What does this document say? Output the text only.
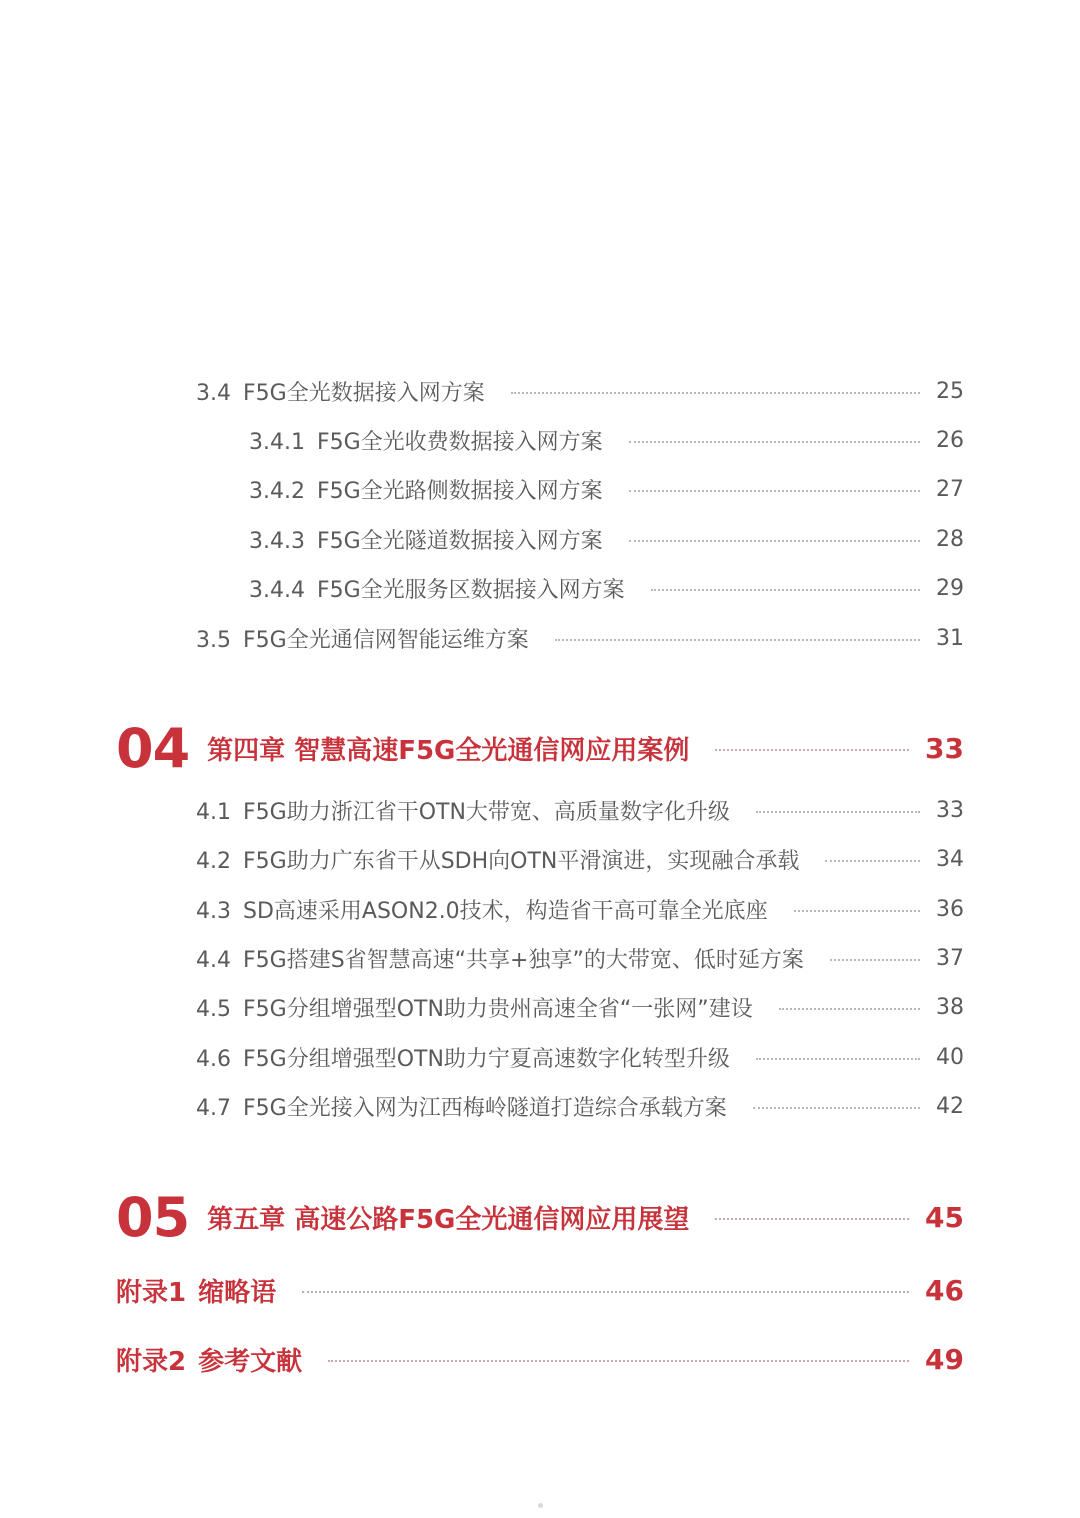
3.4 F5G全光数据接入网方案	25
3.4.1 F5G全光收费数据接入网方案	26
3.4.2 F5G全光路侧数据接入网方案	27
3.4.3 F5G全光隧道数据接入网方案	28
3.4.4 F5G全光服务区数据接入网方案	29
3.5 F5G全光通信网智能运维方案	31
04 第四章 智慧高速F5G全光通信网应用案例	33
4.1 F5G助力浙江省干OTN大带宽、高质量数字化升级	33
4.2 F5G助力广东省干从SDH向OTN平滑演进，实现融合承载	34
4.3 SD高速采用ASON2.0技术，构造省干高可靠全光底座	36
4.4 F5G搭建S省智慧高速“共享+独享”的大带宽、低时延方案	37
4.5 F5G分组增强型OTN助力贵州高速全省“一张网”建设	38
4.6 F5G分组增强型OTN助力宁夏高速数字化转型升级	40
4.7 F5G全光接入网为江西梅岭隧道打造综合承载方案	42
05 第五章 高速公路F5G全光通信网应用展望	45
附录1 缩略语	46
附录2 参考文献	49
